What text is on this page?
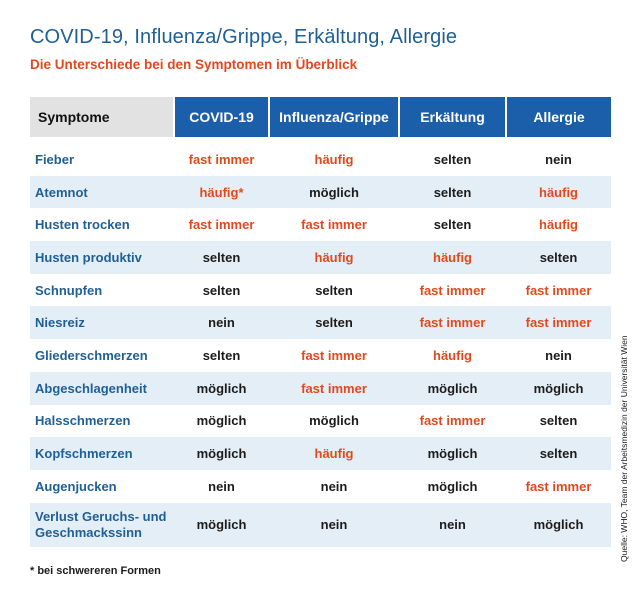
COVID-19, Influenza/Grippe, Erkältung, Allergie
Die Unterschiede bei den Symptomen im Überblick
Symptome	COVID-19	Influenza/Grippe	Erkältung	Allergie

Fieber	fast immer	häufig	selten	nein
Atemnot	häufig*	möglich	selten	häufig
Husten trocken	fast immer	fast immer	selten	häufig
Husten produktiv	selten	häufig	häufig	selten
Schnupfen	selten	selten	fast immer	fast immer
Niesreiz	nein	selten	fast immer	fast immer
Gliederschmerzen	selten	fast immer	häufig	nein
Abgeschlagenheit	möglich	fast immer	möglich	möglich
Halsschmerzen	möglich	möglich	fast immer	selten
Kopfschmerzen	möglich	häufig	möglich	selten
Augenjucken	nein	nein	möglich	fast immer
Verlust Geruchs- und Geschmackssinn	möglich	nein	nein	möglich
* bei schwereren Formen
Quelle: WHO, Team der Arbeitsmedizin der Universität Wien
